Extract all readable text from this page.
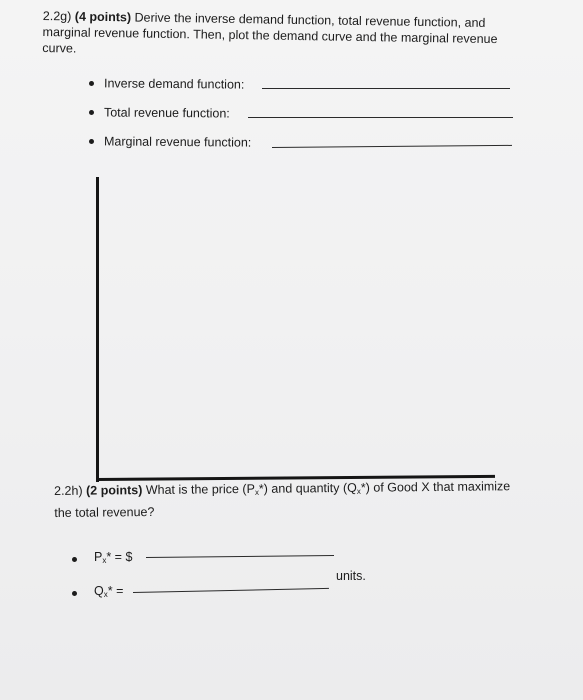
2.2g) (4 points) Derive the inverse demand function, total revenue function, and marginal revenue function. Then, plot the demand curve and the marginal revenue curve.
Inverse demand function:
Total revenue function:
Marginal revenue function:
2.2h) (2 points) What is the price $(P_x*)$ and quantity $(Q_x*)$ of Good X that maximize the total revenue?
$P_x*$ = $
$Q_x*$ =
units.
